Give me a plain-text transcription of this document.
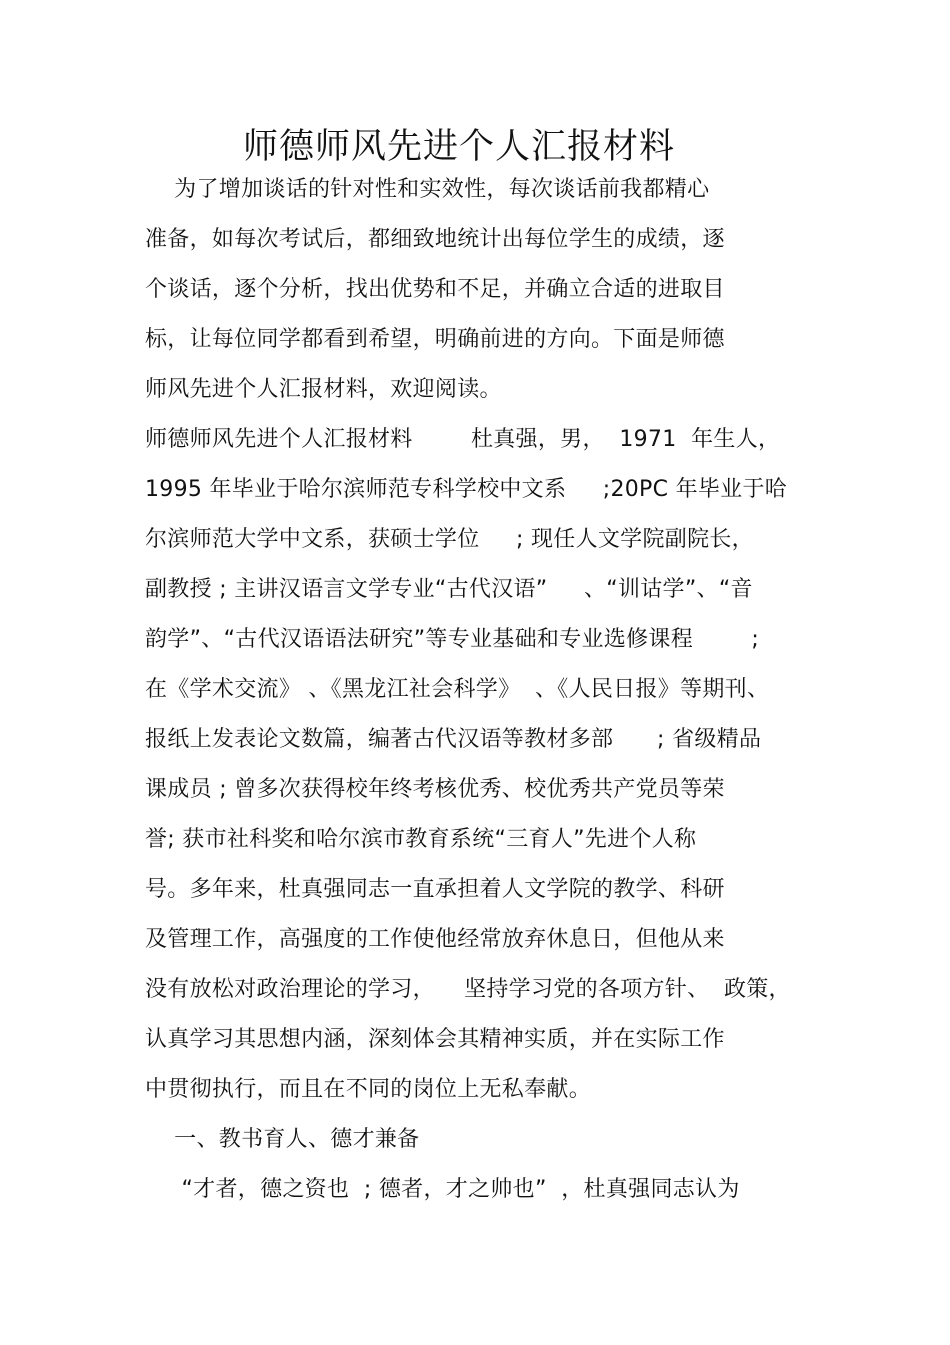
师德师风先进个人汇报材料
为了增加谈话的针对性和实效性，每次谈话前我都精心
准备，如每次考试后，都细致地统计出每位学生的成绩，逐
个谈话，逐个分析，找出优势和不足，并确立合适的进取目
标，让每位同学都看到希望，明确前进的方向。下面是师德
师风先进个人汇报材料，欢迎阅读。
师德师风先进个人汇报材料        杜真强，男，  1971  年生人，
1995 年毕业于哈尔滨师范专科学校中文系     ;20PC 年毕业于哈
尔滨师范大学中文系，获硕士学位     ; 现任人文学院副院长，
副教授 ; 主讲汉语言文学专业“古代汉语”     、“训诂学”、“音
韵学”、“古代汉语语法研究”等专业基础和专业选修课程        ;
在《学术交流》 、《黑龙江社会科学》  、《人民日报》等期刊、
报纸上发表论文数篇，编著古代汉语等教材多部      ; 省级精品
课成员 ; 曾多次获得校年终考核优秀、校优秀共产党员等荣
誉; 获市社科奖和哈尔滨市教育系统“三育人”先进个人称
号。多年来，杜真强同志一直承担着人文学院的教学、科研
及管理工作，高强度的工作使他经常放弃休息日，但他从来
没有放松对政治理论的学习，    坚持学习党的各项方针、  政策，
认真学习其思想内涵，深刻体会其精神实质，并在实际工作
中贯彻执行，而且在不同的岗位上无私奉献。
一、教书育人、德才兼备
“才者，德之资也  ; 德者，才之帅也”  ，杜真强同志认为
